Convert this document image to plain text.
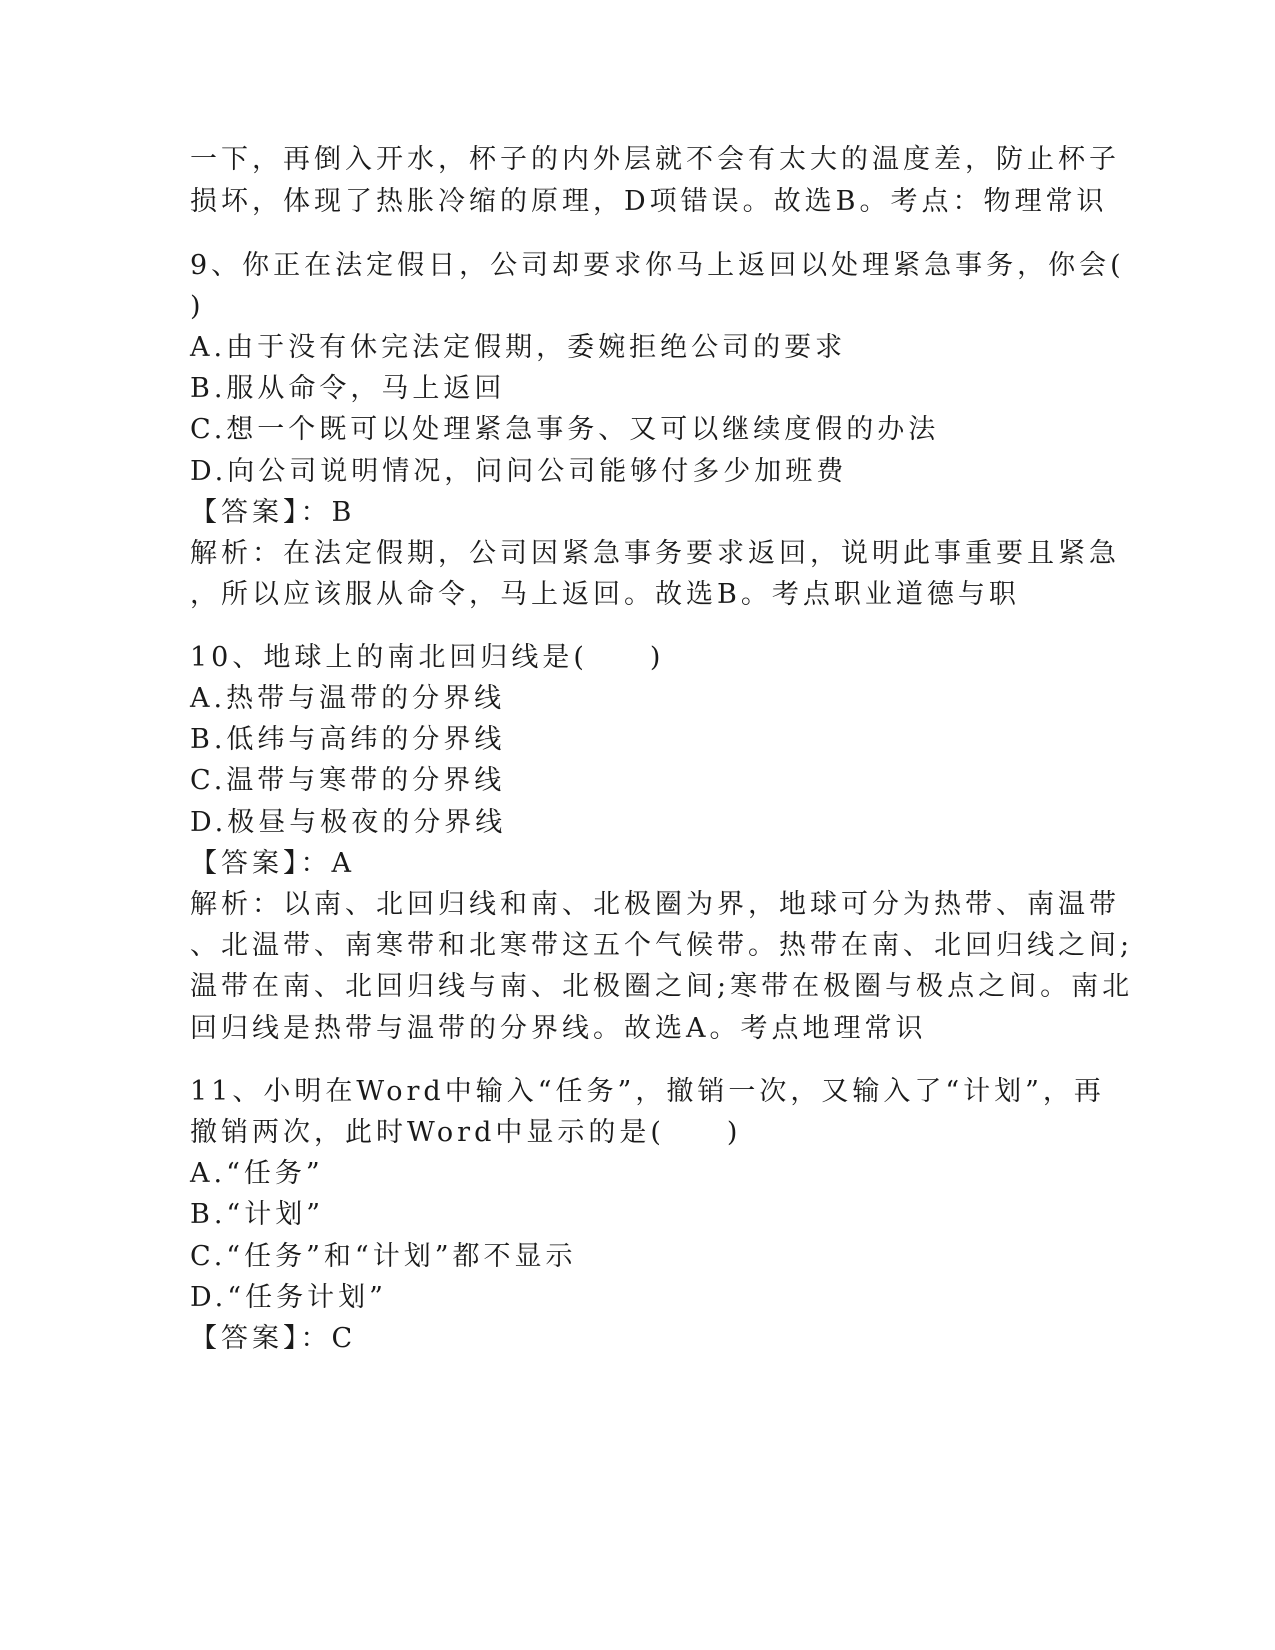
一下，再倒入开水，杯子的内外层就不会有太大的温度差，防止杯子
损坏，体现了热胀冷缩的原理，D项错误。故选B。考点：物理常识
9、你正在法定假日，公司却要求你马上返回以处理紧急事务，你会(
)
A.由于没有休完法定假期，委婉拒绝公司的要求
B.服从命令，马上返回
C.想一个既可以处理紧急事务、又可以继续度假的办法
D.向公司说明情况，问问公司能够付多少加班费
【答案】：B
解析：在法定假期，公司因紧急事务要求返回，说明此事重要且紧急
，所以应该服从命令，马上返回。故选B。考点职业道德与职
10、地球上的南北回归线是(　　)
A.热带与温带的分界线
B.低纬与高纬的分界线
C.温带与寒带的分界线
D.极昼与极夜的分界线
【答案】：A
解析：以南、北回归线和南、北极圈为界，地球可分为热带、南温带
、北温带、南寒带和北寒带这五个气候带。热带在南、北回归线之间;
温带在南、北回归线与南、北极圈之间;寒带在极圈与极点之间。南北
回归线是热带与温带的分界线。故选A。考点地理常识
11、小明在Word中输入“任务”，撤销一次，又输入了“计划”，再
撤销两次，此时Word中显示的是(　　)
A.“任务”
B.“计划”
C.“任务”和“计划”都不显示
D.“任务计划”
【答案】：C
